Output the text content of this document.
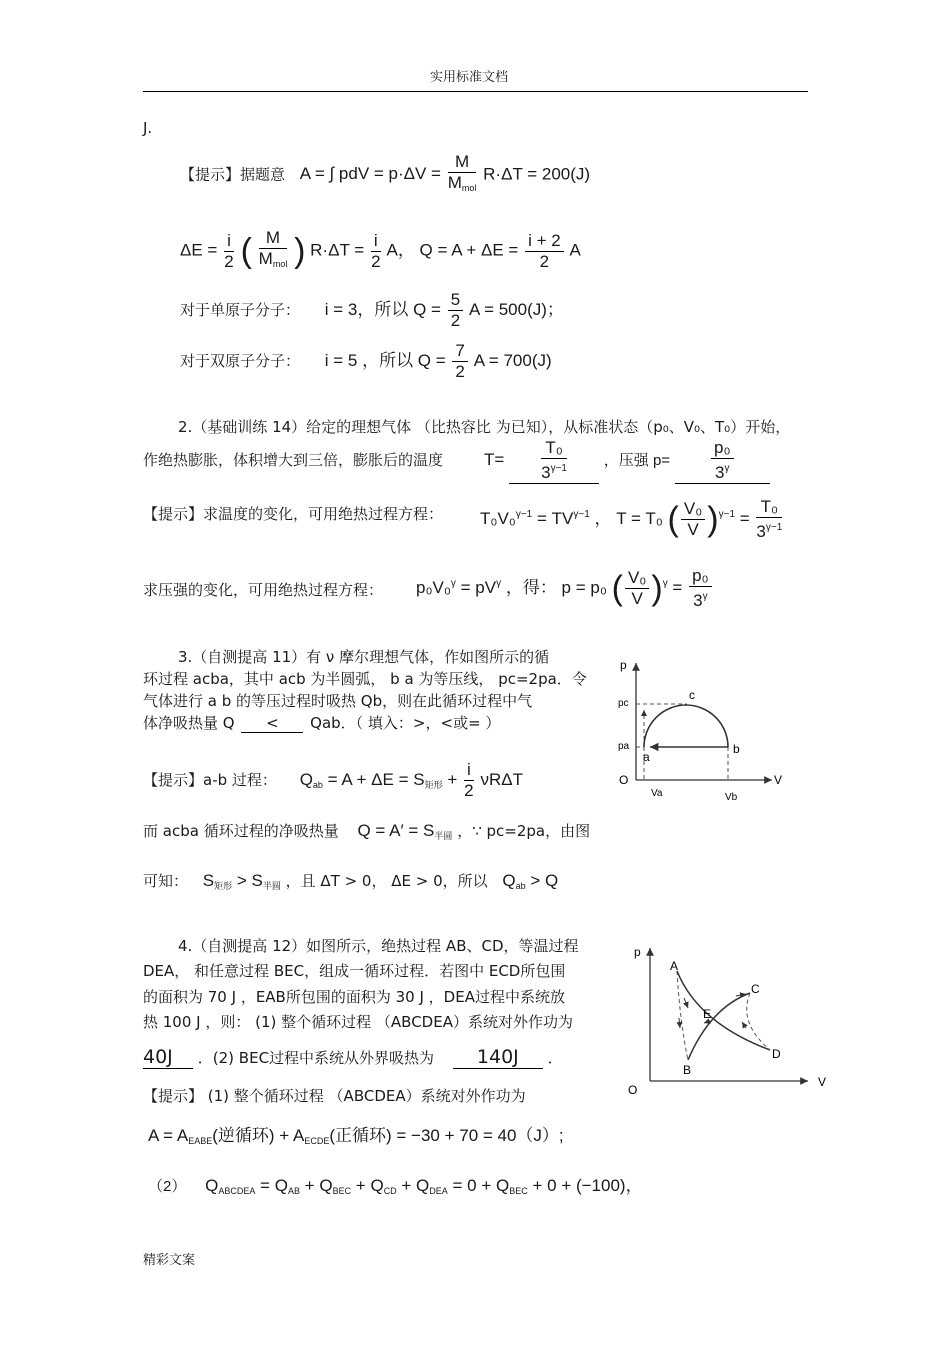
实用标准文档
精彩文案
J.
【提示】据题意 A = ∫ pdV = $p\cdot\Delta V = \frac{M}{M_{mol}} R\cdot\Delta T = 200(J)$
$\Delta E = \frac{i}{2}$ ( $\frac{M}{M_{mol}}$ ) $R\cdot\Delta T = \frac{i}{2}$ A， $Q = A + \Delta E = \frac{i + 2}{2}$ A
对于单原子分子： i = 3，所以 $Q = \frac{5}{2}$ A = 500(J)；
对于双原子分子： i = 5 ，所以 $Q = \frac{7}{2}$ A = 700(J)
2.（基础训练 14）给定的理想气体 （比热容比 为已知），从标准状态（p₀、V₀、T₀）开始，
作绝热膨胀，体积增大到三倍，膨胀后的温度 $T= \frac{\text{T₀}}{3^{\gamma-1}}$ ，压强 $p= \frac{\text{p₀}}{3^\gamma}$
【提示】求温度的变化，可用绝热过程方程： $T_0V_0^{\gamma-1} = TV^{\gamma-1}$ ， T = T₀ ( $\frac{\text{V₀}}{V} )^{\gamma-1} = \frac{\text{T₀}}{3^{\gamma-1}}$
求压强的变化，可用绝热过程方程： $p_0V_0^\gamma = pV^\gamma$ ，得： p = p₀ ( $\frac{\text{V₀}}{V} )^\gamma = \frac{\text{p₀}}{3^\gamma}$
3.（自测提高 11）有 ν 摩尔理想气体，作如图所示的循
环过程 acba，其中 acb 为半圆弧， b a 为等压线， pc=2pa．令
气体进行 a b 的等压过程时吸热 Qb，则在此循环过程中气
体净吸热量 Q < Qab．（ 填入：>，<或= ）
【提示】a-b 过程： $Q_{ab} = A + \Delta E = S_{矩形} + \frac{i}{2}$ νRΔT
而 acba 循环过程的净吸热量 $Q = A' = S_{半圆}$ ，∵ pc=2pa，由图
可知： $S_{矩形} > S_{半圆}$ ，且 ΔT > 0， ΔE > 0，所以 $Q_{ab} > Q$
p
V
O
pc
pa
c
a
b
Va	Vb
4.（自测提高 12）如图所示，绝热过程 AB、CD，等温过程
DEA， 和任意过程 BEC，组成一循环过程．若图中 ECD所包围
的面积为 70 J ，EAB所包围的面积为 30 J ，DEA过程中系统放
热 100 J ，则： (1) 整个循环过程 （ABCDEA）系统对外作功为
40J ．(2) BEC过程中系统从外界吸热为 140J ．
【提示】 (1) 整个循环过程 （ABCDEA）系统对外作功为
$A = A_{EABE}$(逆循环) + $A_{ECDE}$(正循环) = −30 + 70 = 40（J）;
（2） $Q_{ABCDEA} = Q_{AB} + Q_{BEC} + Q_{CD} + Q_{DEA} = 0 + Q_{BEC} + 0 + (-100)$，
p
V
O
A
B
C
D
E
